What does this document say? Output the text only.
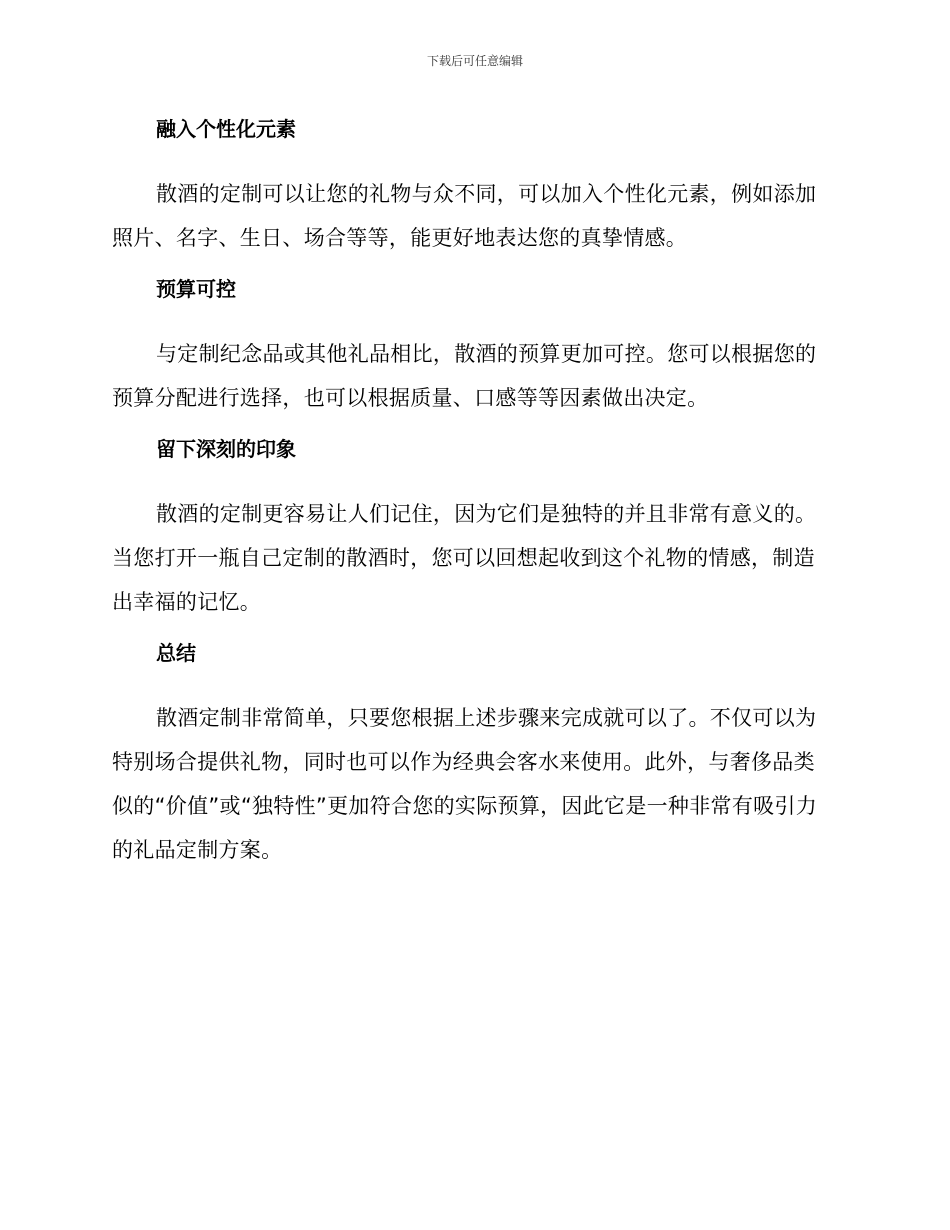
下载后可任意编辑
融入个性化元素

散酒的定制可以让您的礼物与众不同，可以加入个性化元素，例如添加照片、名字、生日、场合等等，能更好地表达您的真挚情感。

预算可控

与定制纪念品或其他礼品相比，散酒的预算更加可控。您可以根据您的预算分配进行选择，也可以根据质量、口感等等因素做出决定。

留下深刻的印象

散酒的定制更容易让人们记住，因为它们是独特的并且非常有意义的。当您打开一瓶自己定制的散酒时，您可以回想起收到这个礼物的情感，制造出幸福的记忆。

总结

散酒定制非常简单，只要您根据上述步骤来完成就可以了。不仅可以为特别场合提供礼物，同时也可以作为经典会客水来使用。此外，与奢侈品类似的“价值”或“独特性”更加符合您的实际预算，因此它是一种非常有吸引力的礼品定制方案。
